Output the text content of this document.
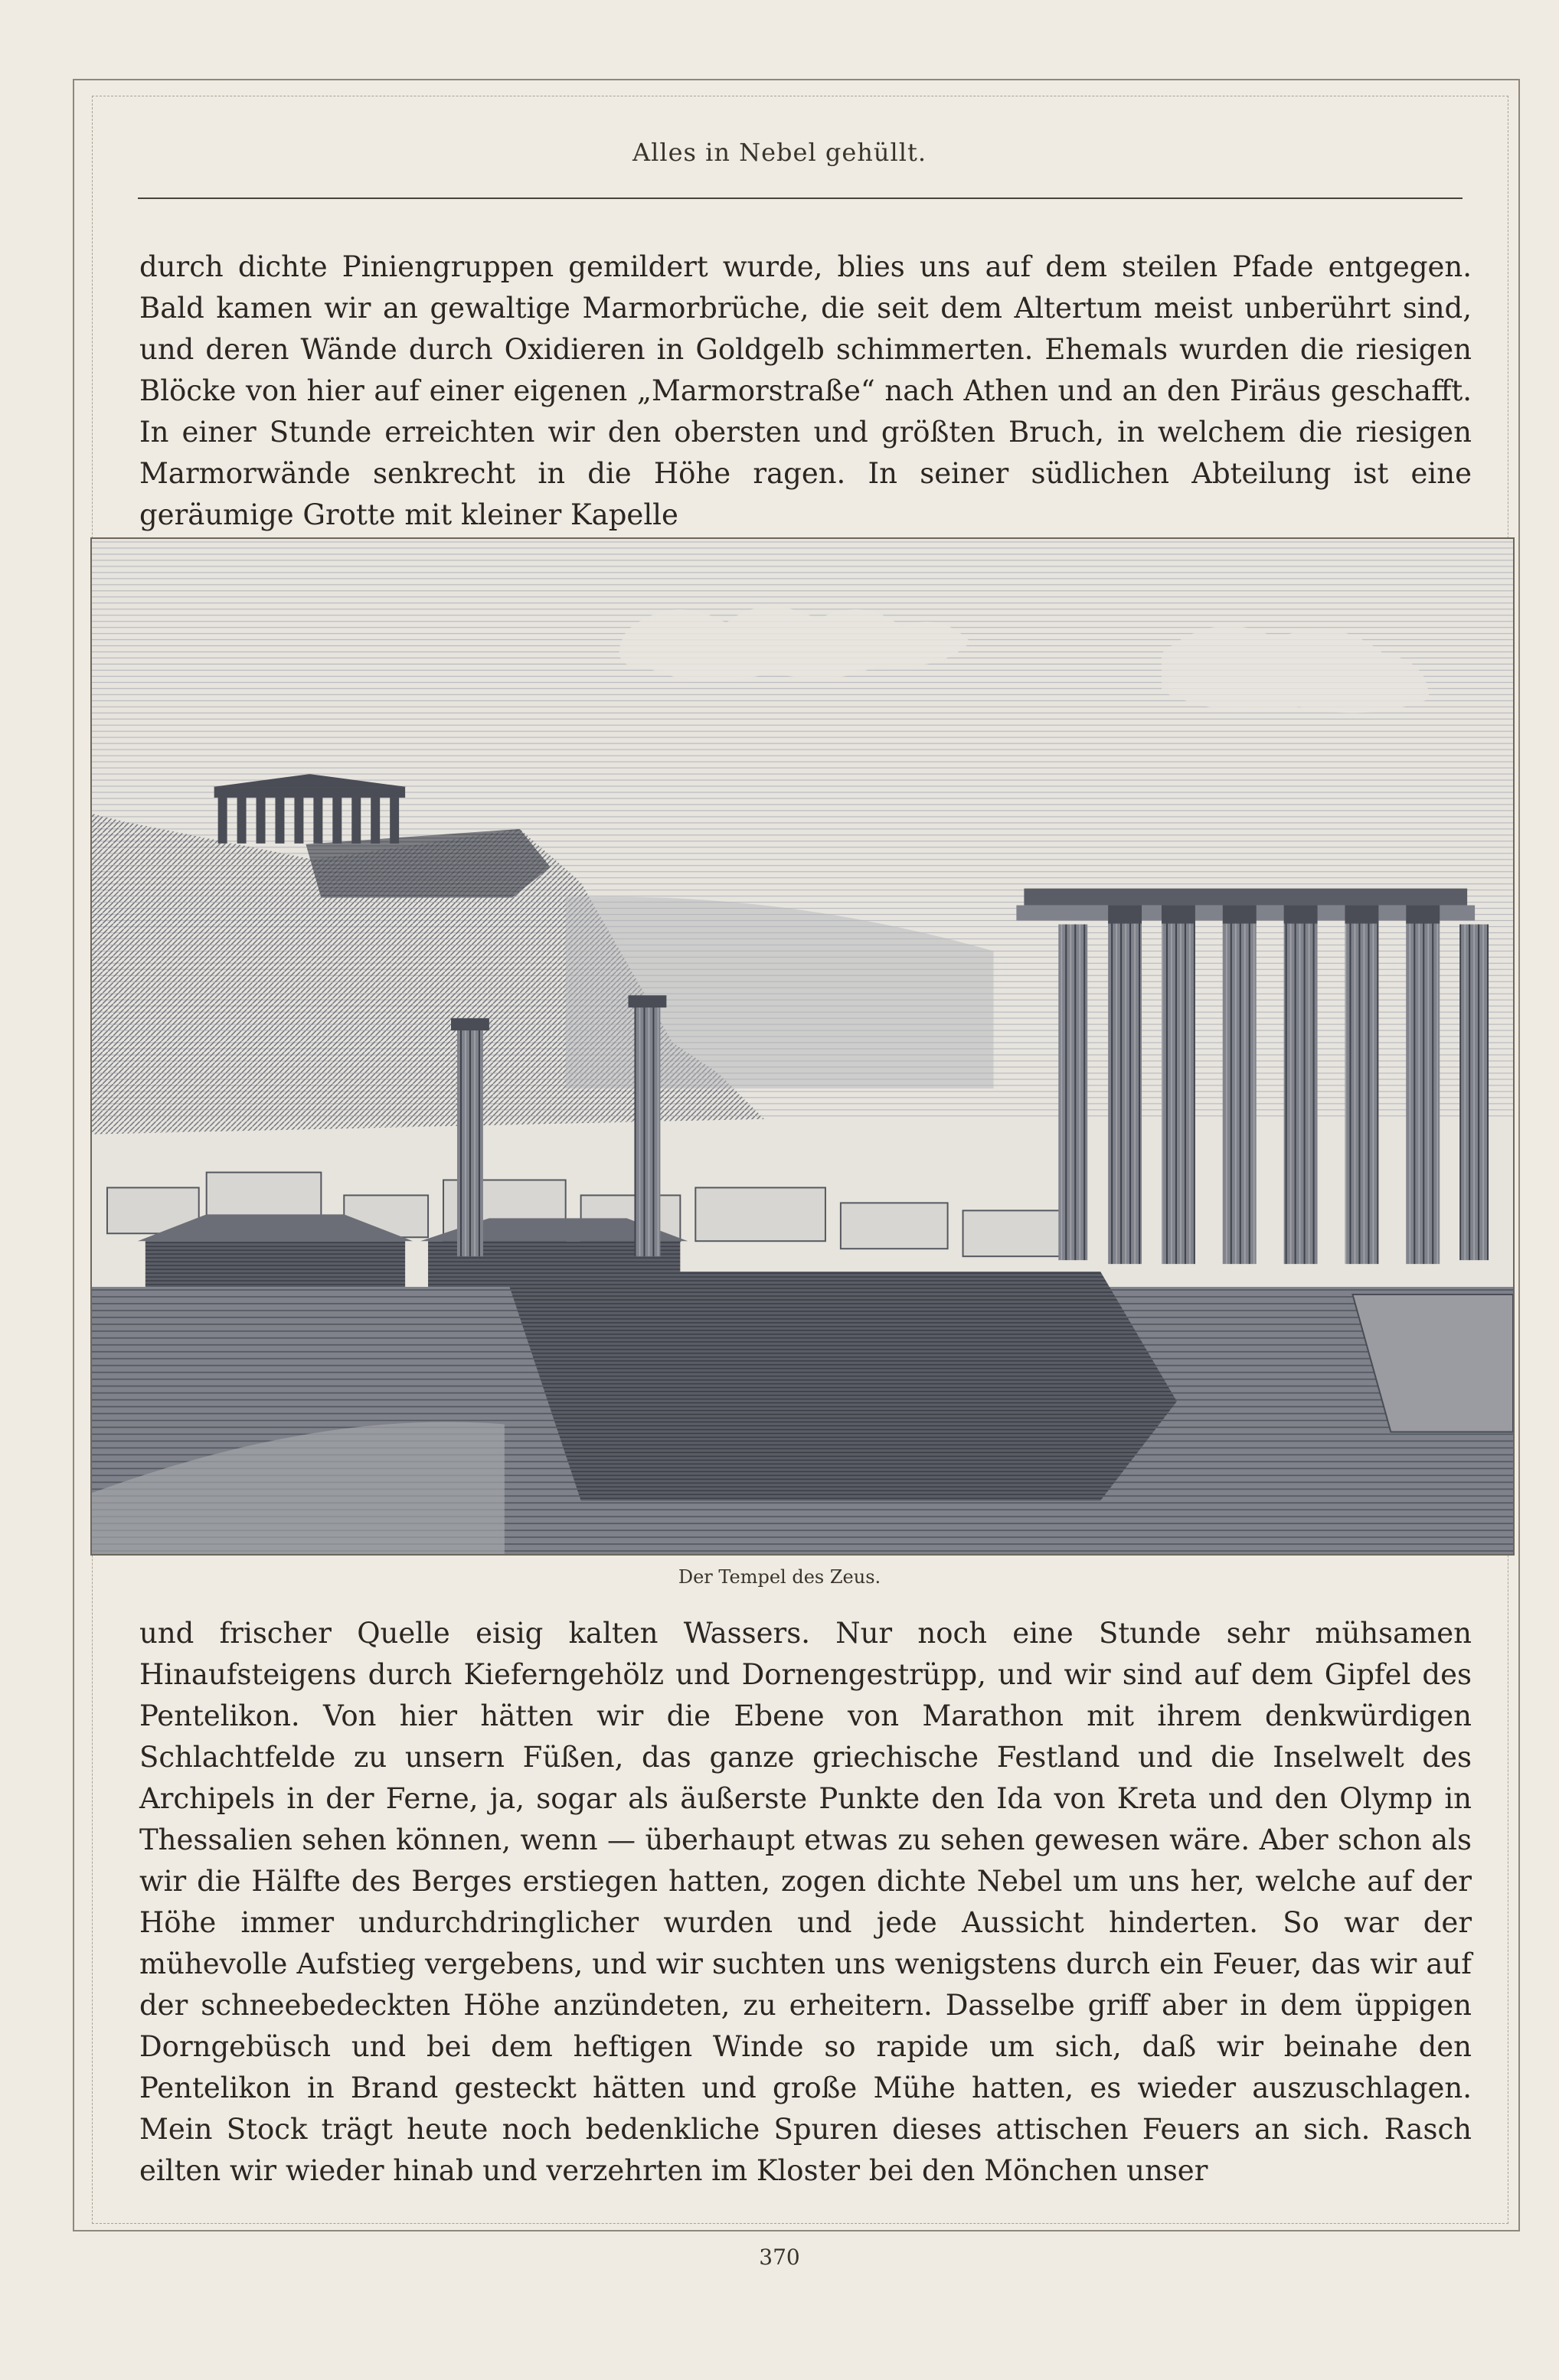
Alles in Nebel gehüllt.

durch dichte Piniengruppen gemildert wurde, blies uns auf dem steilen Pfade entgegen. Bald kamen wir an gewaltige Marmorbrüche, die seit dem Altertum meist unberührt sind, und deren Wände durch Oxidieren in Goldgelb schimmerten. Ehemals wurden die riesigen Blöcke von hier auf einer eigenen „Marmorstraße“ nach Athen und an den Piräus geschafft. In einer Stunde erreichten wir den obersten und größten Bruch, in welchem die riesigen Marmorwände senkrecht in die Höhe ragen. In seiner südlichen Abteilung ist eine geräumige Grotte mit kleiner Kapelle

Der Tempel des Zeus.

und frischer Quelle eisig kalten Wassers. Nur noch eine Stunde sehr mühsamen Hinaufsteigens durch Kieferngehölz und Dornengestrüpp, und wir sind auf dem Gipfel des Pentelikon. Von hier hätten wir die Ebene von Marathon mit ihrem denkwürdigen Schlachtfelde zu unsern Füßen, das ganze griechische Festland und die Inselwelt des Archipels in der Ferne, ja, sogar als äußerste Punkte den Ida von Kreta und den Olymp in Thessalien sehen können, wenn — überhaupt etwas zu sehen gewesen wäre. Aber schon als wir die Hälfte des Berges erstiegen hatten, zogen dichte Nebel um uns her, welche auf der Höhe immer undurchdringlicher wurden und jede Aussicht hinderten. So war der mühevolle Aufstieg vergebens, und wir suchten uns wenigstens durch ein Feuer, das wir auf der schneebedeckten Höhe anzündeten, zu erheitern. Dasselbe griff aber in dem üppigen Dorngebüsch und bei dem heftigen Winde so rapide um sich, daß wir beinahe den Pentelikon in Brand gesteckt hätten und große Mühe hatten, es wieder auszuschlagen. Mein Stock trägt heute noch bedenkliche Spuren dieses attischen Feuers an sich. Rasch eilten wir wieder hinab und verzehrten im Kloster bei den Mönchen unser

370
